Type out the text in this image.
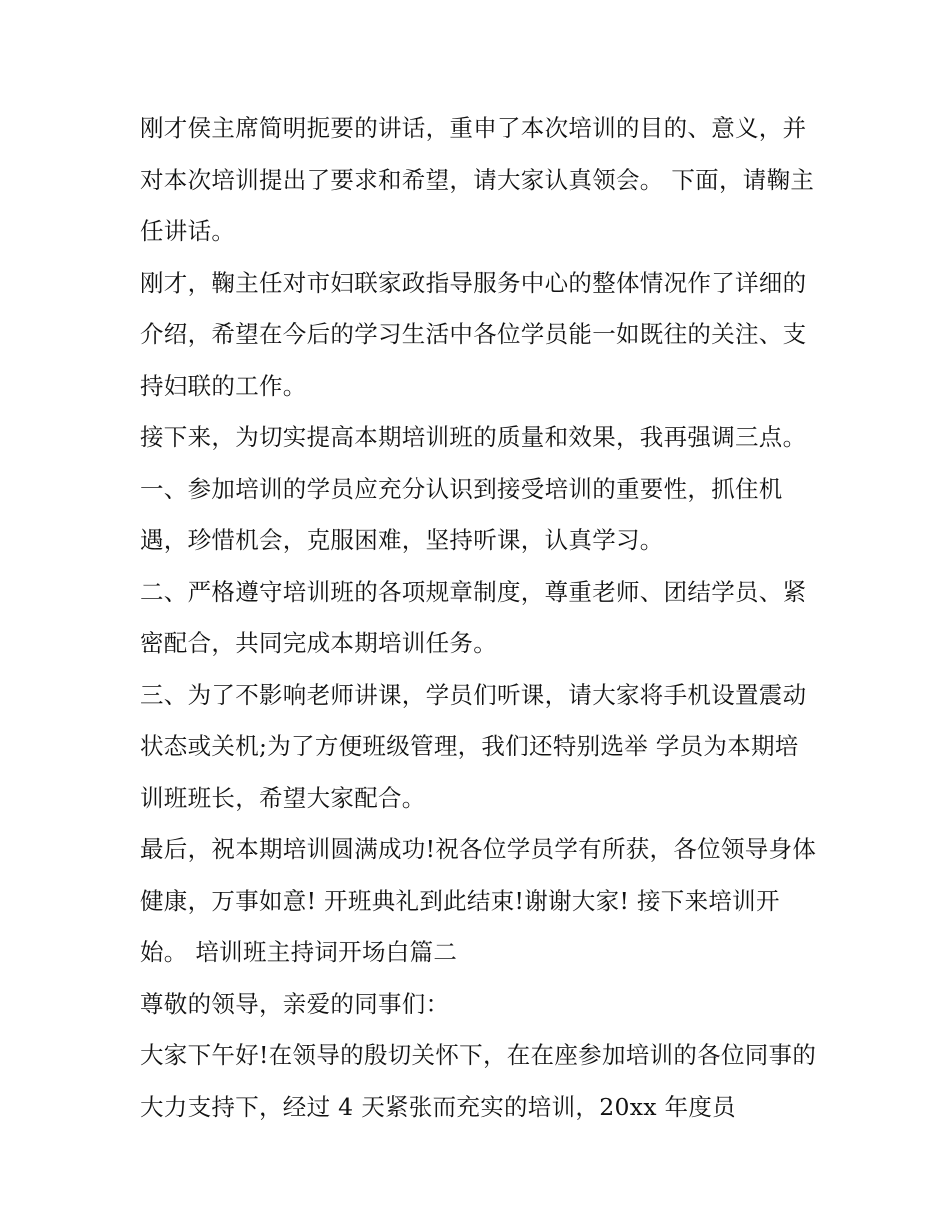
刚才侯主席简明扼要的讲话，重申了本次培训的目的、意义，并对本次培训提出了要求和希望，请大家认真领会。 下面，请鞠主任讲话。

刚才，鞠主任对市妇联家政指导服务中心的整体情况作了详细的介绍，希望在今后的学习生活中各位学员能一如既往的关注、支持妇联的工作。

接下来，为切实提高本期培训班的质量和效果，我再强调三点。 一、参加培训的学员应充分认识到接受培训的重要性，抓住机遇，珍惜机会，克服困难，坚持听课，认真学习。

二、严格遵守培训班的各项规章制度，尊重老师、团结学员、紧密配合，共同完成本期培训任务。

三、为了不影响老师讲课，学员们听课，请大家将手机设置震动状态或关机;为了方便班级管理，我们还特别选举 学员为本期培训班班长，希望大家配合。

最后，祝本期培训圆满成功!祝各位学员学有所获，各位领导身体健康，万事如意! 开班典礼到此结束!谢谢大家! 接下来培训开始。 培训班主持词开场白篇二

尊敬的领导，亲爱的同事们：

大家下午好!在领导的殷切关怀下，在在座参加培训的各位同事的大力支持下，经过 4 天紧张而充实的培训，20xx 年度员
